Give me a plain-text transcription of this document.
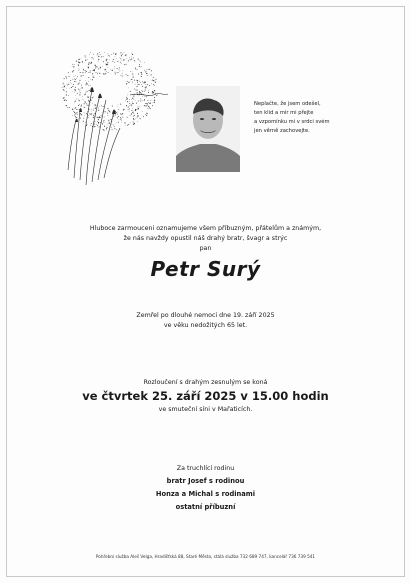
Neplačte, že jsem odešel,
ten klid a mír mi přejte
a vzpomínku mi v srdci svém
jen věrně zachovejte.
Hluboce zarmouceni oznamujeme všem příbuzným, přátelům a známým,
že nás navždy opustil náš drahý bratr, švagr a strýc
pan
Petr Surý
Zemřel po dlouhé nemoci dne 19. září 2025
ve věku nedožitých 65 let.
Rozloučení s drahým zesnulým se koná
ve čtvrtek 25. září 2025 v 15.00 hodin
ve smuteční síni v Mařaticích.
Za truchlící rodinu
bratr Josef s rodinou
Honza a Michal s rodinami
ostatní příbuzní
Pohřební služba Aleš Velga, Hradišťská 88, Staré Město, stálá služba 732 689 747, kancelář 736 739 541
